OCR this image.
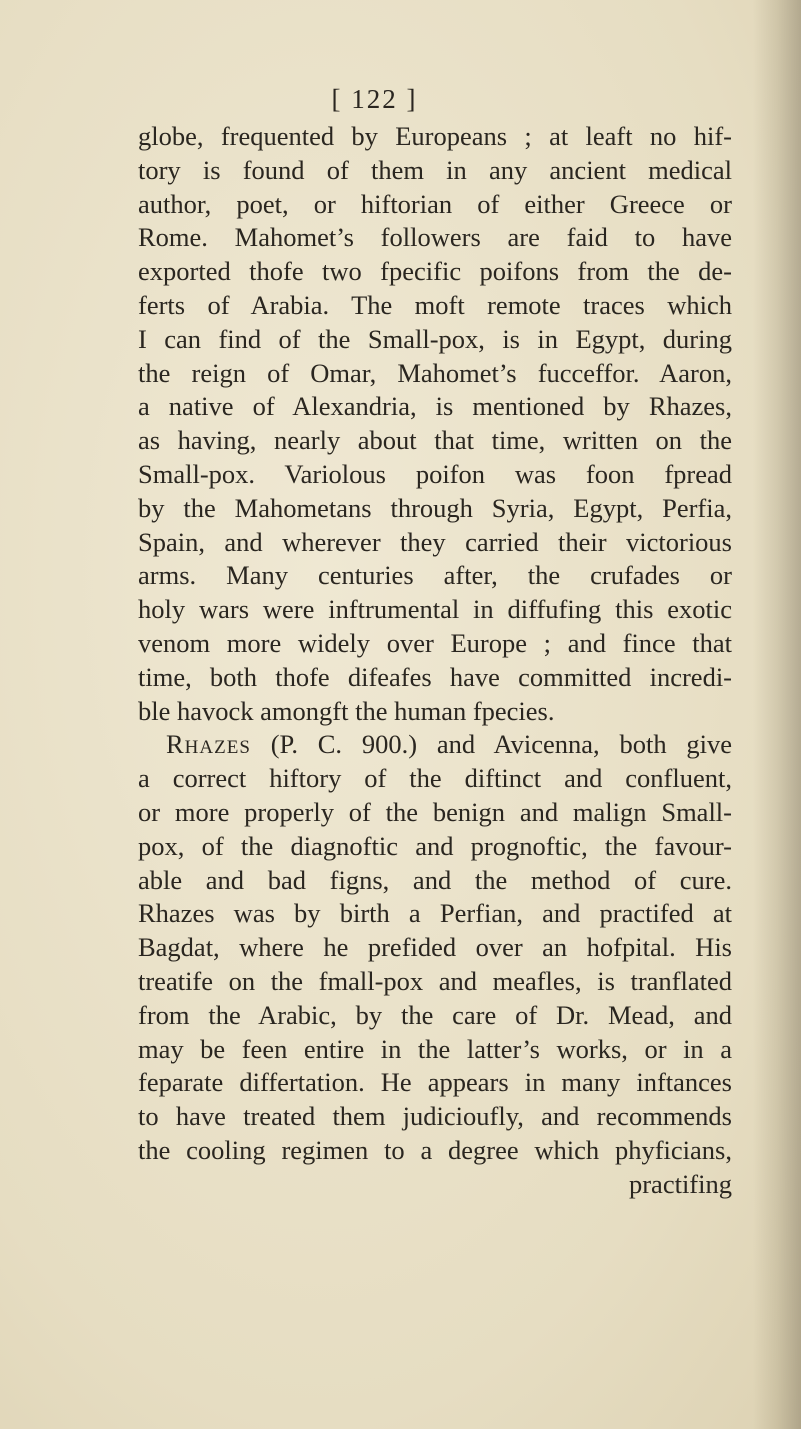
[ 122 ]
globe, frequented by Europeans ; at leaft no hif-
tory is found of them in any ancient medical
author, poet, or hiftorian of either Greece or
Rome. Mahomet’s followers are faid to have
exported thofe two fpecific poifons from the de-
ferts of Arabia. The moft remote traces which
I can find of the Small-pox, is in Egypt, during
the reign of Omar, Mahomet’s fucceffor. Aaron,
a native of Alexandria, is mentioned by Rhazes,
as having, nearly about that time, written on the
Small-pox. Variolous poifon was foon fpread
by the Mahometans through Syria, Egypt, Perfia,
Spain, and wherever they carried their victorious
arms. Many centuries after, the crufades or
holy wars were inftrumental in diffufing this exotic
venom more widely over Europe ; and fince that
time, both thofe difeafes have committed incredi-
ble havock amongft the human fpecies.
Rhazes (P. C. 900.) and Avicenna, both give
a correct hiftory of the diftinct and confluent,
or more properly of the benign and malign Small-
pox, of the diagnoftic and prognoftic, the favour-
able and bad figns, and the method of cure.
Rhazes was by birth a Perfian, and practifed at
Bagdat, where he prefided over an hofpital. His
treatife on the fmall-pox and meafles, is tranflated
from the Arabic, by the care of Dr. Mead, and
may be feen entire in the latter’s works, or in a
feparate differtation. He appears in many inftances
to have treated them judicioufly, and recommends
the cooling regimen to a degree which phyficians,
practifing
